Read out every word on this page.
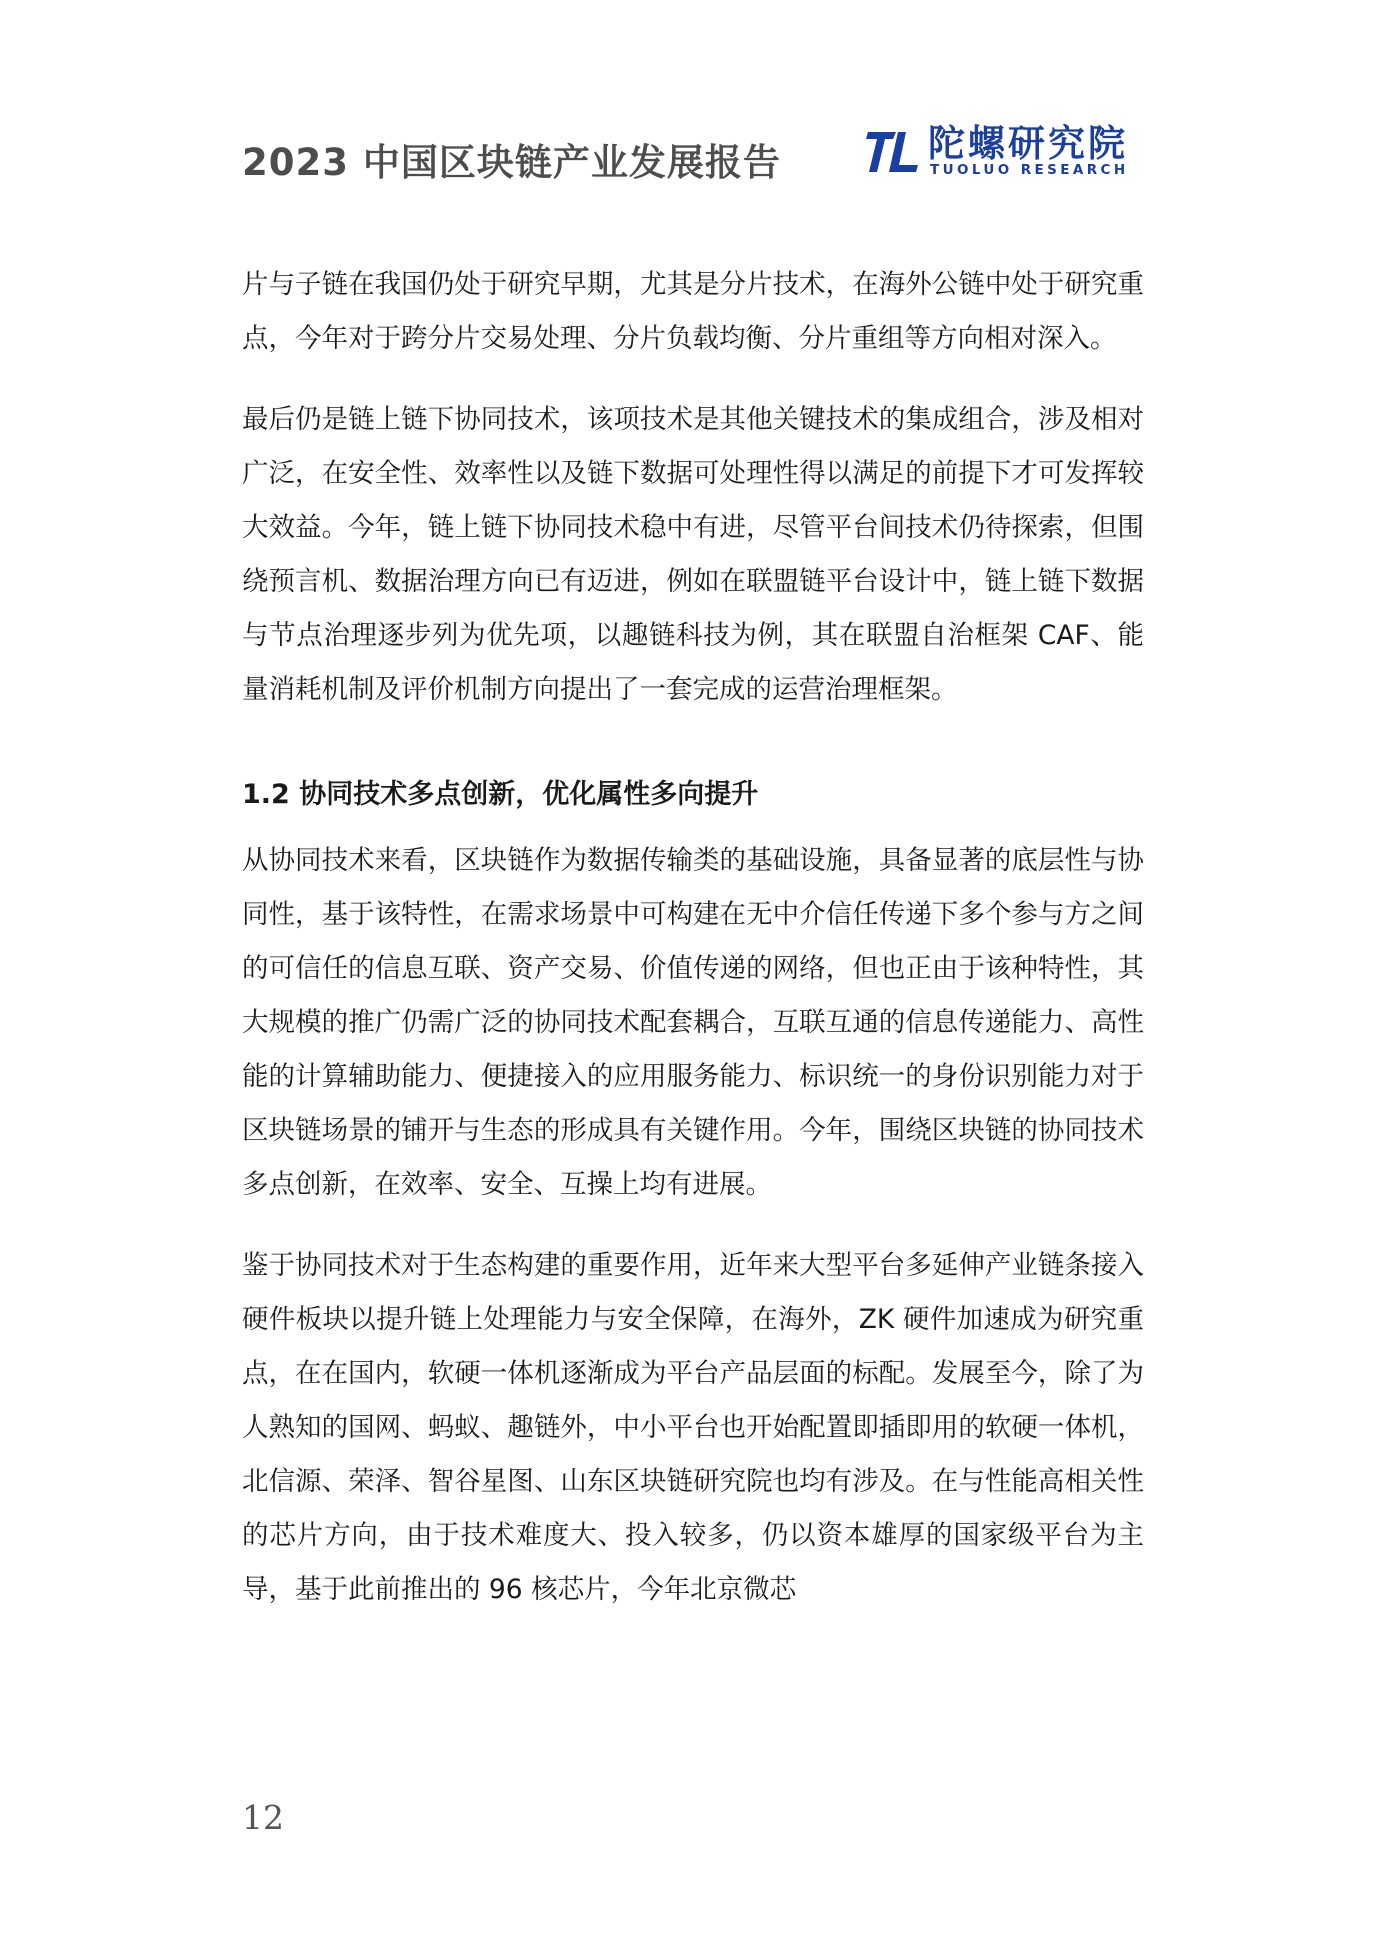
2023 中国区块链产业发展报告	陀螺研究院
TUOLUO RESEARCH

片与子链在我国仍处于研究早期，尤其是分片技术，在海外公链中处于研究重点，今年对于跨分片交易处理、分片负载均衡、分片重组等方向相对深入。

最后仍是链上链下协同技术，该项技术是其他关键技术的集成组合，涉及相对广泛，在安全性、效率性以及链下数据可处理性得以满足的前提下才可发挥较大效益。今年，链上链下协同技术稳中有进，尽管平台间技术仍待探索，但围绕预言机、数据治理方向已有迈进，例如在联盟链平台设计中，链上链下数据与节点治理逐步列为优先项，以趣链科技为例，其在联盟自治框架 CAF、能量消耗机制及评价机制方向提出了一套完成的运营治理框架。

1.2 协同技术多点创新，优化属性多向提升

从协同技术来看，区块链作为数据传输类的基础设施，具备显著的底层性与协同性，基于该特性，在需求场景中可构建在无中介信任传递下多个参与方之间的可信任的信息互联、资产交易、价值传递的网络，但也正由于该种特性，其大规模的推广仍需广泛的协同技术配套耦合，互联互通的信息传递能力、高性能的计算辅助能力、便捷接入的应用服务能力、标识统一的身份识别能力对于区块链场景的铺开与生态的形成具有关键作用。今年，围绕区块链的协同技术多点创新，在效率、安全、互操上均有进展。

鉴于协同技术对于生态构建的重要作用，近年来大型平台多延伸产业链条接入硬件板块以提升链上处理能力与安全保障，在海外，ZK 硬件加速成为研究重点，在在国内，软硬一体机逐渐成为平台产品层面的标配。发展至今，除了为人熟知的国网、蚂蚁、趣链外，中小平台也开始配置即插即用的软硬一体机，北信源、荣泽、智谷星图、山东区块链研究院也均有涉及。在与性能高相关性的芯片方向，由于技术难度大、投入较多，仍以资本雄厚的国家级平台为主导，基于此前推出的 96 核芯片，今年北京微芯

12
